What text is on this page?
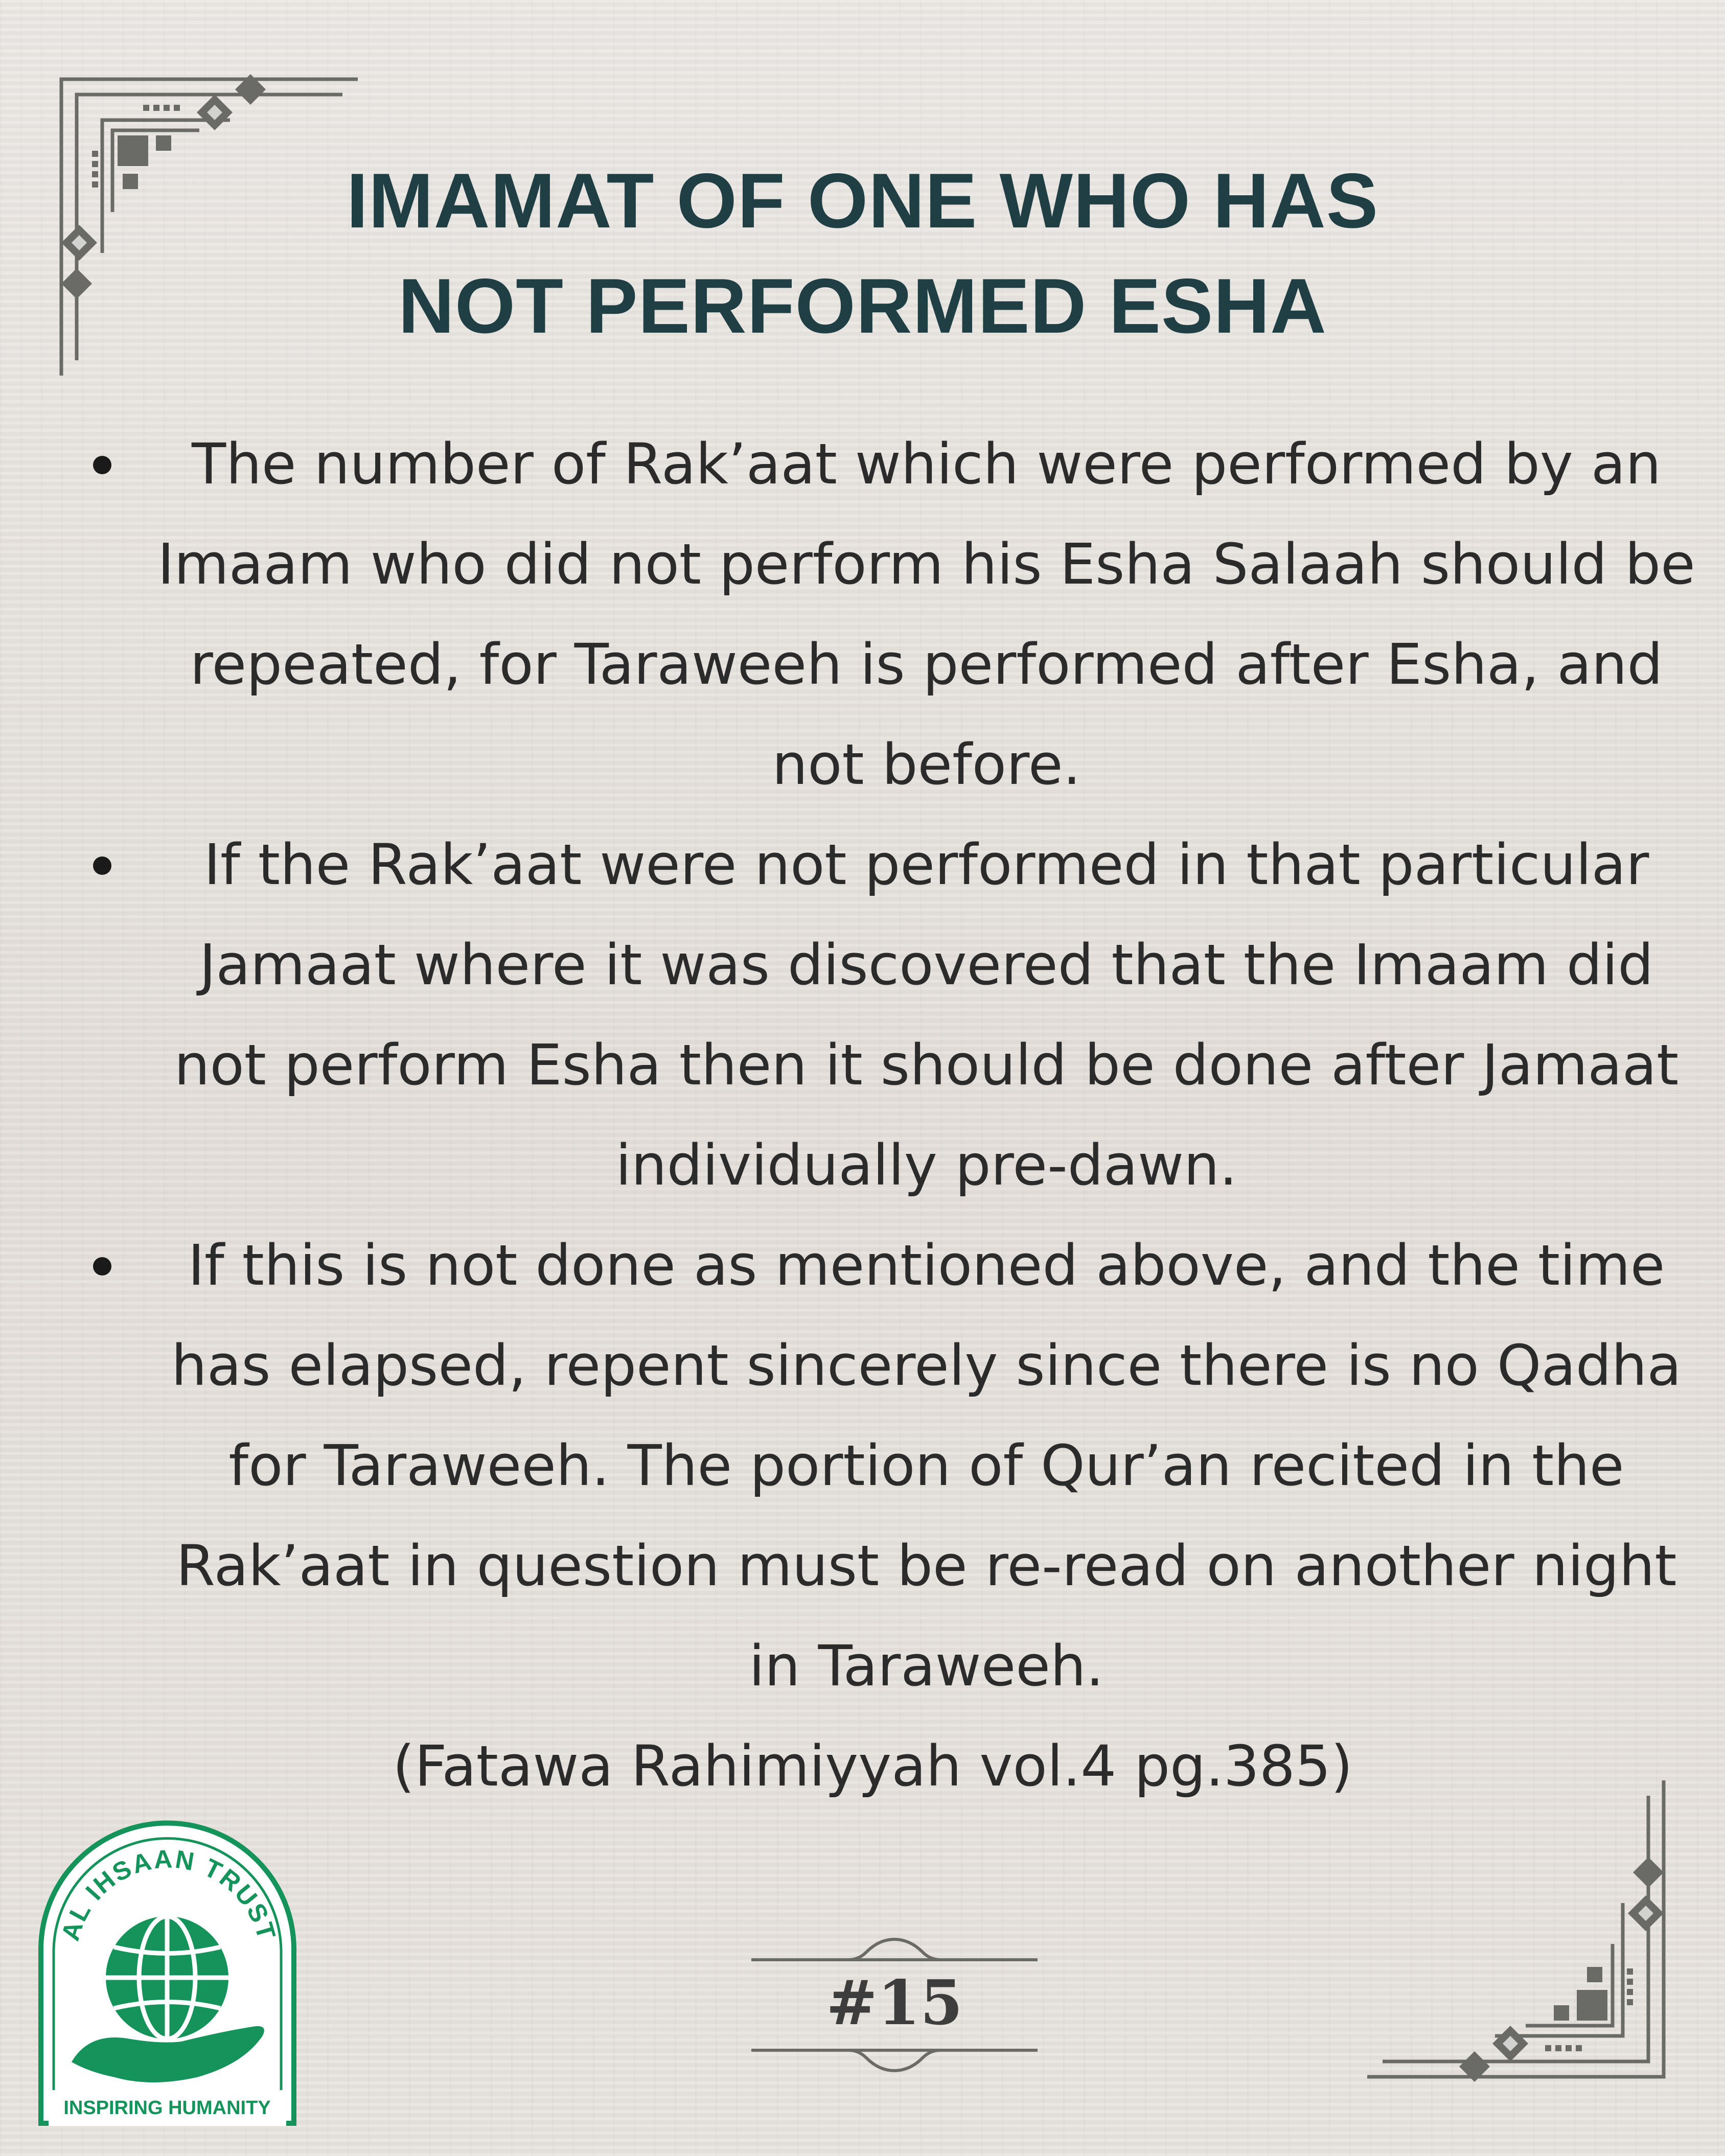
IMAMAT OF ONE WHO HAS
NOT PERFORMED ESHA
The number of Rak’aat which were performed by an Imaam who did not perform his Esha Salaah should be repeated, for Taraweeh is performed after Esha, and not before.
If the Rak’aat were not performed in that particular Jamaat where it was discovered that the Imaam did not perform Esha then it should be done after Jamaat individually pre-dawn.
If this is not done as mentioned above, and the time has elapsed, repent sincerely since there is no Qadha for Taraweeh. The portion of Qur’an recited in the Rak’aat in question must be re-read on another night in Taraweeh.
(Fatawa Rahimiyyah vol.4 pg.385)
AL IHSAAN TRUST
INSPIRING HUMANITY
#15
